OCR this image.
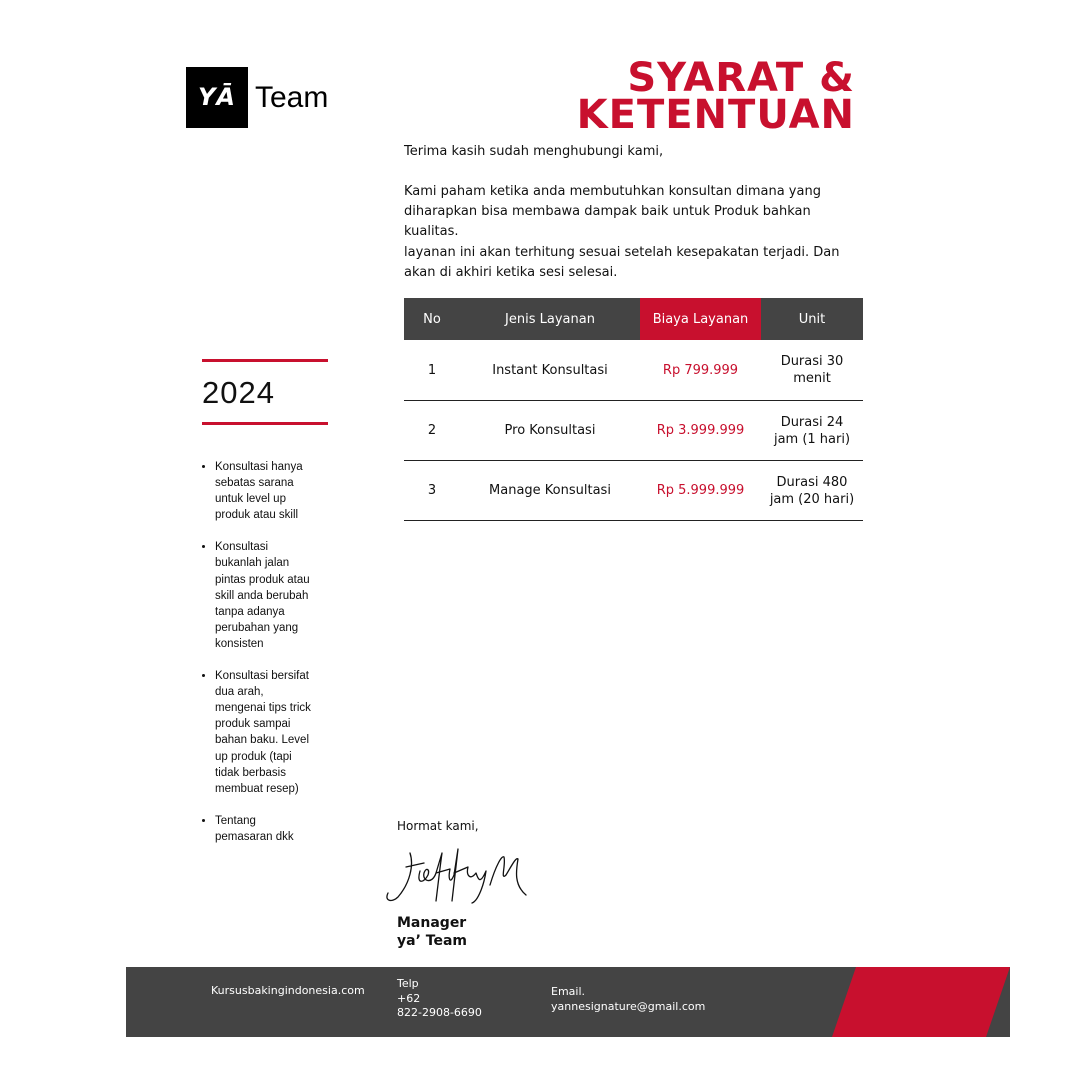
YĀ Team	SYARAT &
KETENTUAN
Terima kasih sudah menghubungi kami,
Kami paham ketika anda membutuhkan konsultan dimana yang diharapkan bisa membawa dampak baik untuk Produk bahkan kualitas.
layanan ini akan terhitung sesuai setelah kesepakatan terjadi. Dan akan di akhiri ketika sesi selesai.
No	Jenis Layanan	Biaya Layanan	Unit
1	Instant Konsultasi	Rp 799.999	Durasi 30 menit
2	Pro Konsultasi	Rp 3.999.999	Durasi 24 jam (1 hari)
3	Manage Konsultasi	Rp 5.999.999	Durasi 480 jam (20 hari)
2024
• Konsultasi hanya sebatas sarana untuk level up produk atau skill
• Konsultasi bukanlah jalan pintas produk atau skill anda berubah tanpa adanya perubahan yang konsisten
• Konsultasi bersifat dua arah, mengenai tips trick produk sampai bahan baku. Level up produk (tapi tidak berbasis membuat resep)
• Tentang pemasaran dkk
Hormat kami,
Manager
ya’ Team
Kursusbakingindonesia.com
Telp
+62
822-2908-6690
Email.
yannesignature@gmail.com
